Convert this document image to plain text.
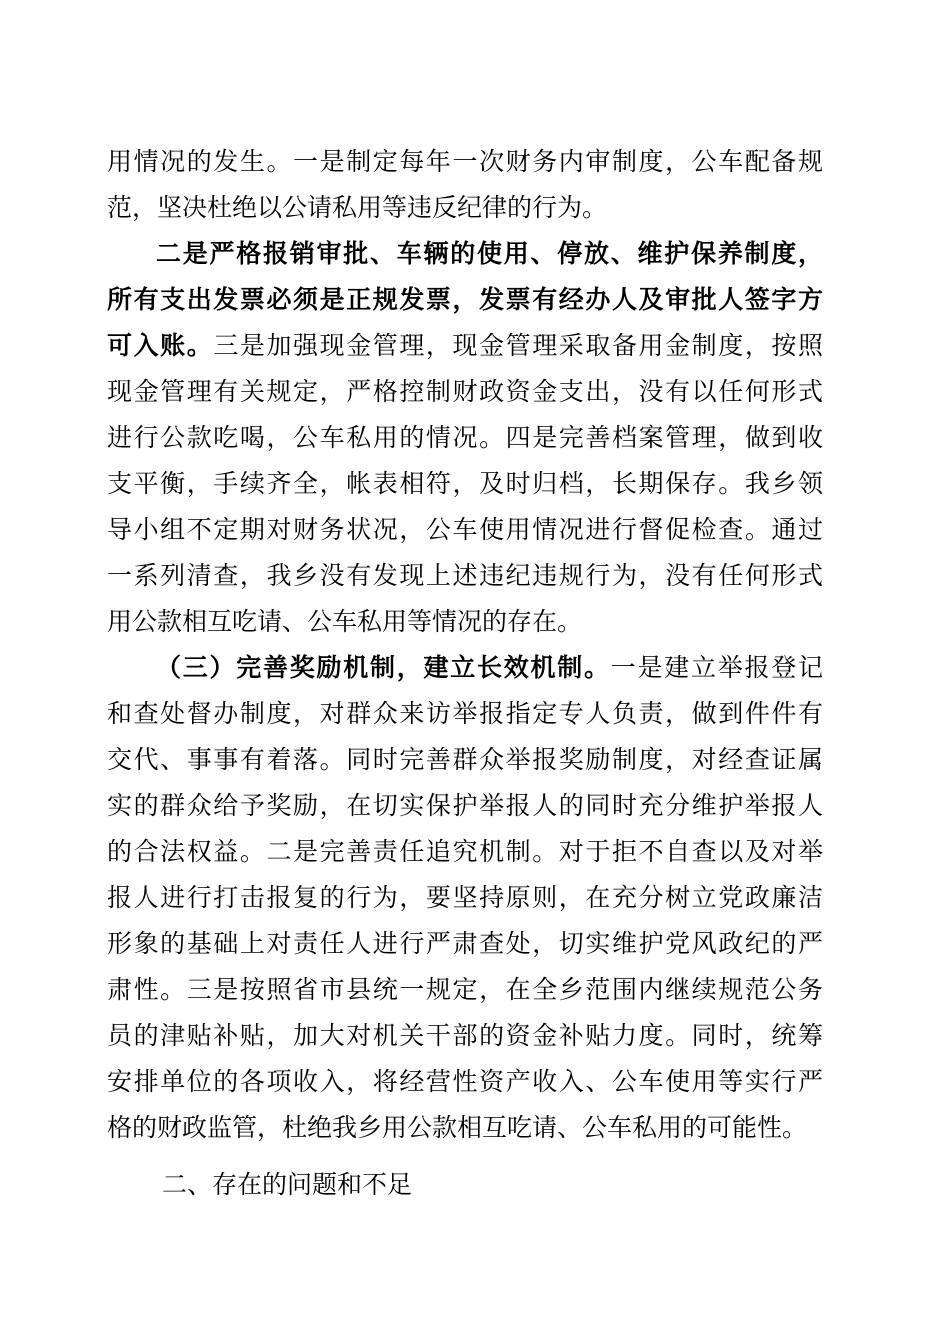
用情况的发生。一是制定每年一次财务内审制度，公车配备规
范，坚决杜绝以公请私用等违反纪律的行为。
二是严格报销审批、车辆的使用、停放、维护保养制度，
所有支出发票必须是正规发票，发票有经办人及审批人签字方
可入账。三是加强现金管理，现金管理采取备用金制度，按照
现金管理有关规定，严格控制财政资金支出，没有以任何形式
进行公款吃喝，公车私用的情况。四是完善档案管理，做到收
支平衡，手续齐全，帐表相符，及时归档，长期保存。我乡领
导小组不定期对财务状况，公车使用情况进行督促检查。通过
一系列清查，我乡没有发现上述违纪违规行为，没有任何形式
用公款相互吃请、公车私用等情况的存在。
（三）完善奖励机制，建立长效机制。一是建立举报登记
和查处督办制度，对群众来访举报指定专人负责，做到件件有
交代、事事有着落。同时完善群众举报奖励制度，对经查证属
实的群众给予奖励，在切实保护举报人的同时充分维护举报人
的合法权益。二是完善责任追究机制。对于拒不自查以及对举
报人进行打击报复的行为，要坚持原则，在充分树立党政廉洁
形象的基础上对责任人进行严肃查处，切实维护党风政纪的严
肃性。三是按照省市县统一规定，在全乡范围内继续规范公务
员的津贴补贴，加大对机关干部的资金补贴力度。同时，统筹
安排单位的各项收入，将经营性资产收入、公车使用等实行严
格的财政监管，杜绝我乡用公款相互吃请、公车私用的可能性。
二、存在的问题和不足
